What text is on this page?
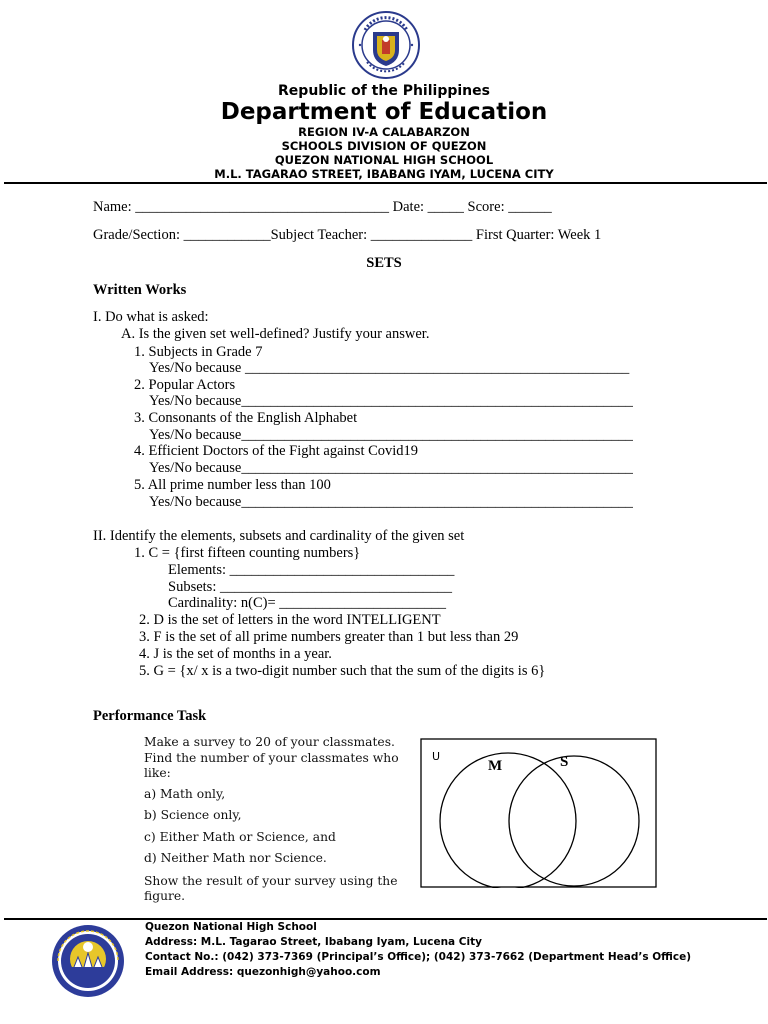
Republic of the Philippines
Department of Education
REGION IV-A CALABARZON
SCHOOLS DIVISION OF QUEZON
QUEZON NATIONAL HIGH SCHOOL
M.L. TAGARAO STREET, IBABANG IYAM, LUCENA CITY
Name: ___________________________________ Date: _____ Score: ______
Grade/Section: ____________Subject Teacher: ______________ First Quarter: Week 1
SETS
Written Works
I. Do what is asked:
A. Is the given set well-defined? Justify your answer.
1. Subjects in Grade 7
Yes/No because _____________________________________________________
2. Popular Actors
Yes/No because______________________________________________________
3. Consonants of the English Alphabet
Yes/No because______________________________________________________
4. Efficient Doctors of the Fight against Covid19
Yes/No because______________________________________________________
5. All prime number less than 100
Yes/No because______________________________________________________
II. Identify the elements, subsets and cardinality of the given set
1. C = {first fifteen counting numbers}
Elements: _______________________________
Subsets: ________________________________
Cardinality: n(C)= _______________________
2. D is the set of letters in the word INTELLIGENT
3. F is the set of all prime numbers greater than 1 but less than 29
4. J is the set of months in a year.
5. G = {x/ x is a two-digit number such that the sum of the digits is 6}
Performance Task
Make a survey to 20 of your classmates.
Find the number of your classmates who
like:
a) Math only,
b) Science only,
c) Either Math or Science, and
d) Neither Math nor Science.
Show the result of your survey using the
figure.
U
M	S
Quezon National High School
Address: M.L. Tagarao Street, Ibabang Iyam, Lucena City
Contact No.: (042) 373-7369 (Principal’s Office); (042) 373-7662 (Department Head’s Office)
Email Address: quezonhigh@yahoo.com
